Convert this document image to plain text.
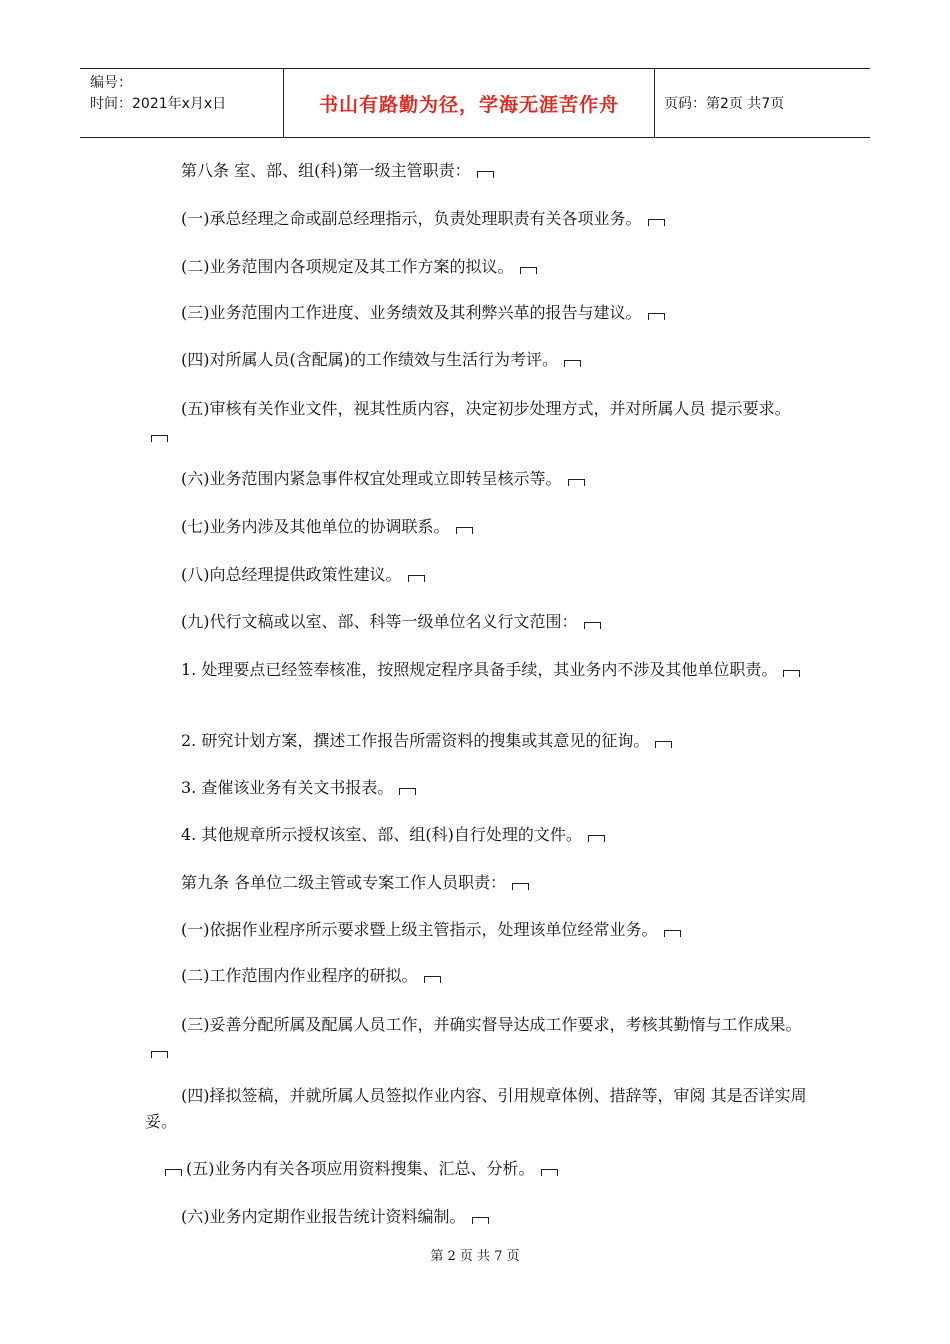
编号：
时间：2021年x月x日	书山有路勤为径，学海无涯苦作舟	页码：第2页 共7页

第八条 室、部、组(科)第一级主管职责：

(一)承总经理之命或副总经理指示，负责处理职责有关各项业务。

(二)业务范围内各项规定及其工作方案的拟议。

(三)业务范围内工作进度、业务绩效及其利弊兴革的报告与建议。

(四)对所属人员(含配属)的工作绩效与生活行为考评。

(五)审核有关作业文件，视其性质内容，决定初步处理方式，并对所属人员 提示要求。

(六)业务范围内紧急事件权宜处理或立即转呈核示等。

(七)业务内涉及其他单位的协调联系。

(八)向总经理提供政策性建议。

(九)代行文稿或以室、部、科等一级单位名义行文范围：

1. 处理要点已经签奉核准，按照规定程序具备手续，其业务内不涉及其他单位职责。

2. 研究计划方案，撰述工作报告所需资料的搜集或其意见的征询。

3. 查催该业务有关文书报表。

4. 其他规章所示授权该室、部、组(科)自行处理的文件。

第九条 各单位二级主管或专案工作人员职责：

(一)依据作业程序所示要求暨上级主管指示，处理该单位经常业务。

(二)工作范围内作业程序的研拟。

(三)妥善分配所属及配属人员工作，并确实督导达成工作要求，考核其勤惰与工作成果。

(四)择拟签稿，并就所属人员签拟作业内容、引用规章体例、措辞等，审阅 其是否详实周妥。

(五)业务内有关各项应用资料搜集、汇总、分析。

(六)业务内定期作业报告统计资料编制。

第 2 页 共 7 页
